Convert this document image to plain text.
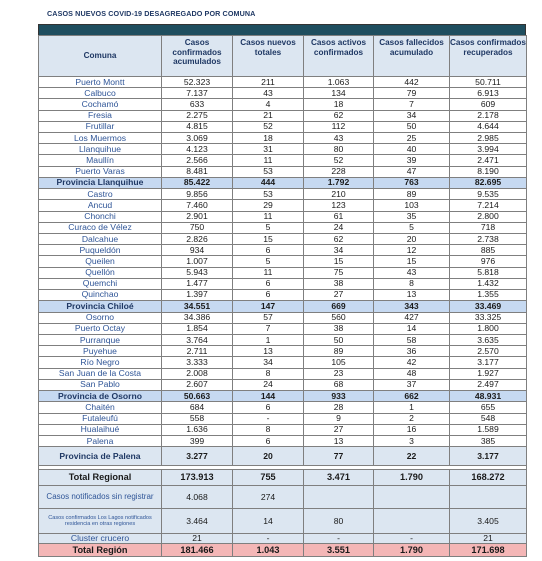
CASOS NUEVOS COVID-19 DESAGREGADO POR COMUNA
Comuna	Casos confirmados acumulados	Casos nuevos totales	Casos activos confirmados	Casos fallecidos acumulado	Casos confirmados recuperados
Puerto Montt	52.323	211	1.063	442	50.711
Calbuco	7.137	43	134	79	6.913
Cochamó	633	4	18	7	609
Fresia	2.275	21	62	34	2.178
Frutillar	4.815	52	112	50	4.644
Los Muermos	3.069	18	43	25	2.985
Llanquihue	4.123	31	80	40	3.994
Maullín	2.566	11	52	39	2.471
Puerto Varas	8.481	53	228	47	8.190
Provincia Llanquihue	85.422	444	1.792	763	82.695
Castro	9.856	53	210	89	9.535
Ancud	7.460	29	123	103	7.214
Chonchi	2.901	11	61	35	2.800
Curaco de Vélez	750	5	24	5	718
Dalcahue	2.826	15	62	20	2.738
Puqueldón	934	6	34	12	885
Queilen	1.007	5	15	15	976
Quellón	5.943	11	75	43	5.818
Quemchi	1.477	6	38	8	1.432
Quinchao	1.397	6	27	13	1.355
Provincia Chiloé	34.551	147	669	343	33.469
Osorno	34.386	57	560	427	33.325
Puerto Octay	1.854	7	38	14	1.800
Purranque	3.764	1	50	58	3.635
Puyehue	2.711	13	89	36	2.570
Río Negro	3.333	34	105	42	3.177
San Juan de la Costa	2.008	8	23	48	1.927
San Pablo	2.607	24	68	37	2.497
Provincia de Osorno	50.663	144	933	662	48.931
Chaitén	684	6	28	1	655
Futaleufú	558	-	9	2	548
Hualaihué	1.636	8	27	16	1.589
Palena	399	6	13	3	385
Provincia de Palena	3.277	20	77	22	3.177

Total Regional	173.913	755	3.471	1.790	168.272
Casos notificados sin registrar	4.068	274			
Casos confirmados Los Lagos notificados residencia en otras regiones	3.464	14	80		3.405
Cluster crucero	21	-	-	-	21
Total Región	181.466	1.043	3.551	1.790	171.698
